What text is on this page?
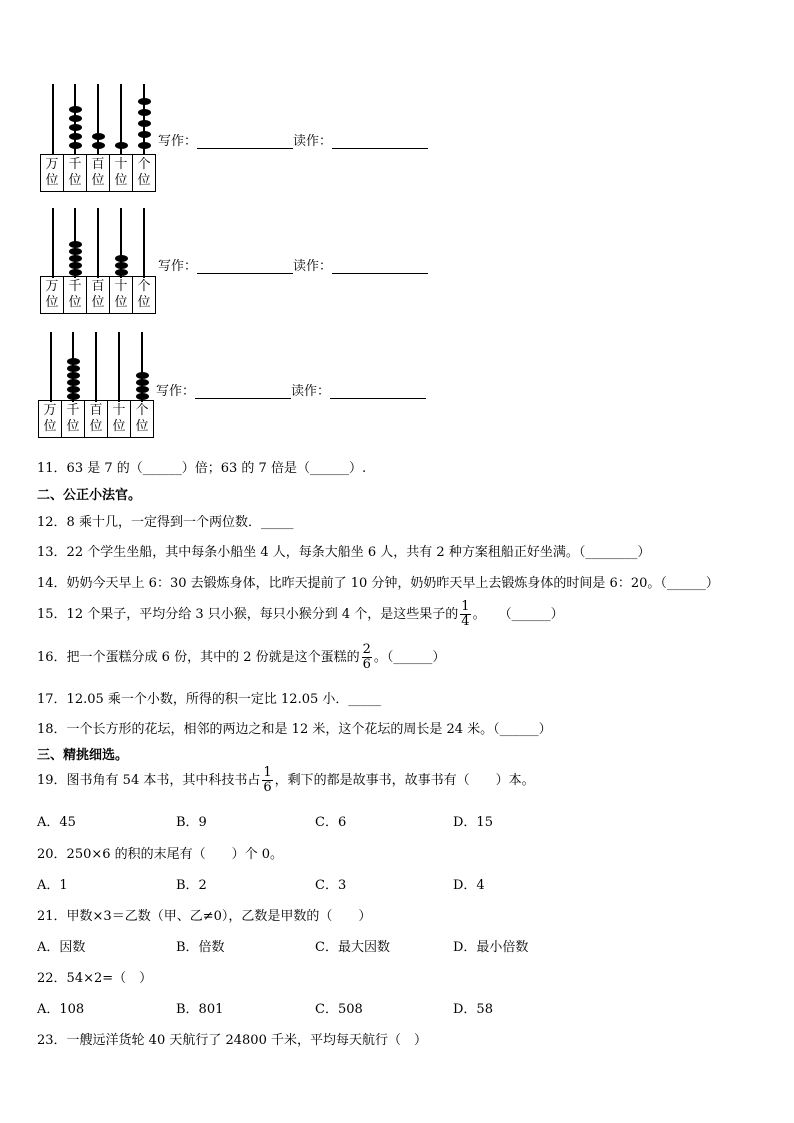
万
位
千
位
百
位
十
位
个
位
写作：	读作：
万
位
千
位
百
位
十
位
个
位
写作：	读作：
万
位
千
位
百
位
十
位
个
位
写作：	读作：
11．63 是 7 的（______）倍；63 的 7 倍是（______）.
二、公正小法官。
12．8 乘十几，一定得到一个两位数．_____
13．22 个学生坐船，其中每条小船坐 4 人，每条大船坐 6 人，共有 2 种方案租船正好坐满。（________）
14．奶奶今天早上 6：30 去锻炼身体，比昨天提前了 10 分钟，奶奶昨天早上去锻炼身体的时间是 6：20。（______）
15．12 个果子，平均分给 3 只小猴，每只小猴分到 4 个，是这些果子的 $\frac{1}{4}$ 。　　（______）
16．把一个蛋糕分成 6 份，其中的 2 份就是这个蛋糕的 $\frac{2}{6}$ 。（______）
17．12.05 乘一个小数，所得的积一定比 12.05 小．_____
18．一个长方形的花坛，相邻的两边之和是 12 米，这个花坛的周长是 24 米。（______）
三、精挑细选。
19．图书角有 54 本书，其中科技书占 $\frac{1}{6}$ ，剩下的都是故事书，故事书有（　　）本。
A．45	B．9	C．6	D．15
20．250×6 的积的末尾有（　　）个 0。
A．1	B．2	C．3	D．4
21．甲数×3＝乙数（甲、乙≠0），乙数是甲数的（　　）
A．因数	B．倍数	C．最大因数	D．最小倍数
22．54×2=（　）
A．108	B．801	C．508	D．58
23．一艘远洋货轮 40 天航行了 24800 千米，平均每天航行（　）
